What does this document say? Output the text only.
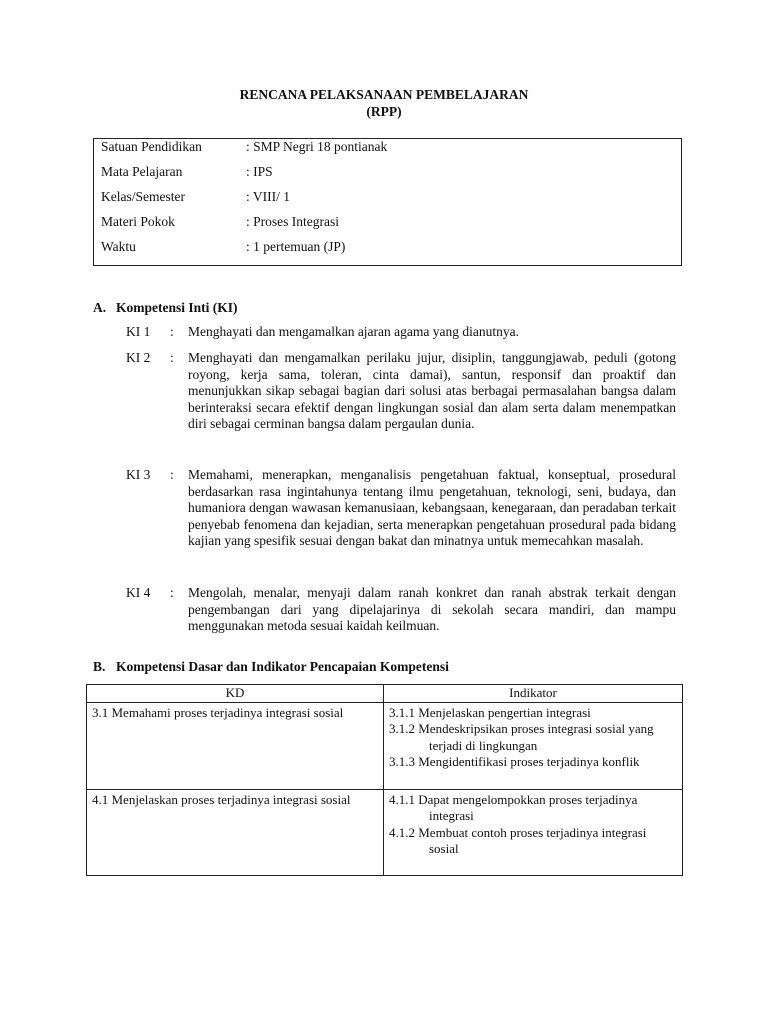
RENCANA PELAKSANAAN PEMBELAJARAN
(RPP)
Satuan Pendidikan	: SMP Negri 18 pontianak
Mata Pelajaran	: IPS
Kelas/Semester	: VIII/ 1
Materi Pokok	: Proses Integrasi
Waktu	: 1 pertemuan (JP)
A. Kompetensi Inti (KI)
KI 1 : Menghayati dan mengamalkan ajaran agama yang dianutnya.
KI 2 : Menghayati dan mengamalkan perilaku jujur, disiplin, tanggungjawab, peduli (gotong royong, kerja sama, toleran, cinta damai), santun, responsif dan proaktif dan menunjukkan sikap sebagai bagian dari solusi atas berbagai permasalahan bangsa dalam berinteraksi secara efektif dengan lingkungan sosial dan alam serta dalam menempatkan diri sebagai cerminan bangsa dalam pergaulan dunia.
KI 3 : Memahami, menerapkan, menganalisis pengetahuan faktual, konseptual, prosedural berdasarkan rasa ingintahunya tentang ilmu pengetahuan, teknologi, seni, budaya, dan humaniora dengan wawasan kemanusiaan, kebangsaan, kenegaraan, dan peradaban terkait penyebab fenomena dan kejadian, serta menerapkan pengetahuan prosedural pada bidang kajian yang spesifik sesuai dengan bakat dan minatnya untuk memecahkan masalah.
KI 4 : Mengolah, menalar, menyaji dalam ranah konkret dan ranah abstrak terkait dengan pengembangan dari yang dipelajarinya di sekolah secara mandiri, dan mampu menggunakan metoda sesuai kaidah keilmuan.
B. Kompetensi Dasar dan Indikator Pencapaian Kompetensi
KD	Indikator

3.1 Memahami proses terjadinya integrasi sosial	3.1.1 Menjelaskan pengertian integrasi
3.1.2 Mendeskripsikan proses integrasi sosial yang terjadi di lingkungan
3.1.3 Mengidentifikasi proses terjadinya konflik

4.1 Menjelaskan proses terjadinya integrasi sosial	4.1.1 Dapat mengelompokkan proses terjadinya integrasi
4.1.2 Membuat contoh proses terjadinya integrasi sosial
